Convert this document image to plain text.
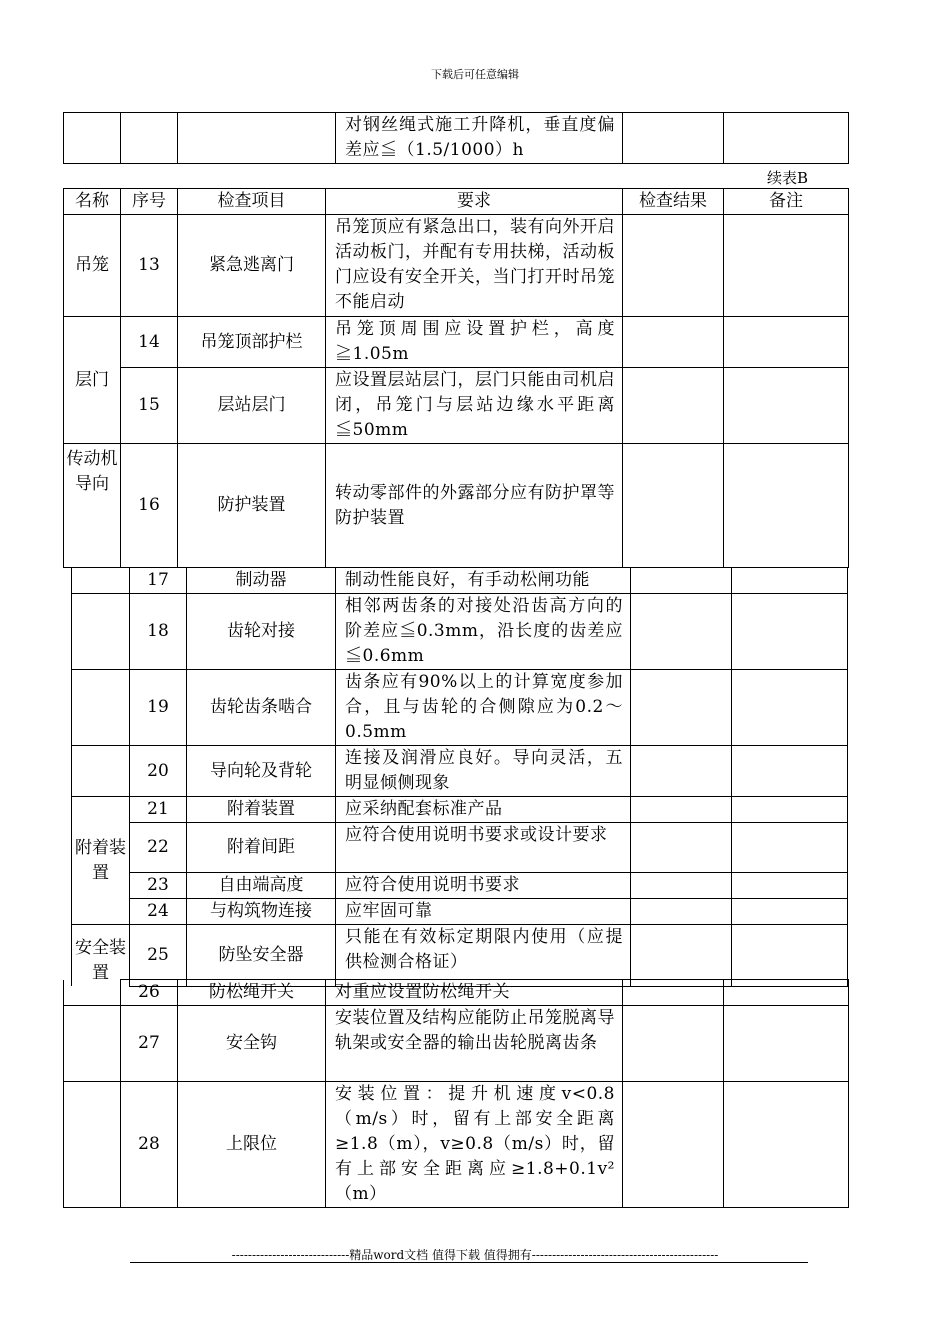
下载后可任意编辑
			对钢丝绳式施工升降机，垂直度偏差应≦（1.5/1000）h		
续表B
名称	序号	检查项目	要求	检查结果	备注
吊笼	13	紧急逃离门	吊笼顶应有紧急出口，装有向外开启活动板门，并配有专用扶梯，活动板门应设有安全开关，当门打开时吊笼不能启动		
层门	14	吊笼顶部护栏	吊笼顶周围应设置护栏，高度≧1.05m		
	15	层站层门	应设置层站层门，层门只能由司机启闭，吊笼门与层站边缘水平距离≦50mm		
传动机导向	16	防护装置	转动零部件的外露部分应有防护罩等防护装置		
	17	制动器	制动性能良好，有手动松闸功能		
	18	齿轮对接	相邻两齿条的对接处沿齿高方向的阶差应≦0.3mm，沿长度的齿差应≦0.6mm		
	19	齿轮齿条啮合	齿条应有90%以上的计算宽度参加合，且与齿轮的合侧隙应为0.2～0.5mm		
	20	导向轮及背轮	连接及润滑应良好。导向灵活，五明显倾侧现象		
附着装置	21	附着装置	应采纳配套标准产品		
	22	附着间距	应符合使用说明书要求或设计要求		
	23	自由端高度	应符合使用说明书要求		
	24	与构筑物连接	应牢固可靠		
安全装置	25	防坠安全器	只能在有效标定期限内使用（应提供检测合格证）		
	26	防松绳开关	对重应设置防松绳开关		
	27	安全钩	安装位置及结构应能防止吊笼脱离导轨架或安全器的输出齿轮脱离齿条		
	28	上限位	安装位置：提升机速度v<0.8（m/s）时，留有上部安全距离≥1.8（m），v≥0.8（m/s）时，留有上部安全距离应≥1.8+0.1v²（m）		
-----------------------------精品word文档 值得下载 值得拥有----------------------------------------------
